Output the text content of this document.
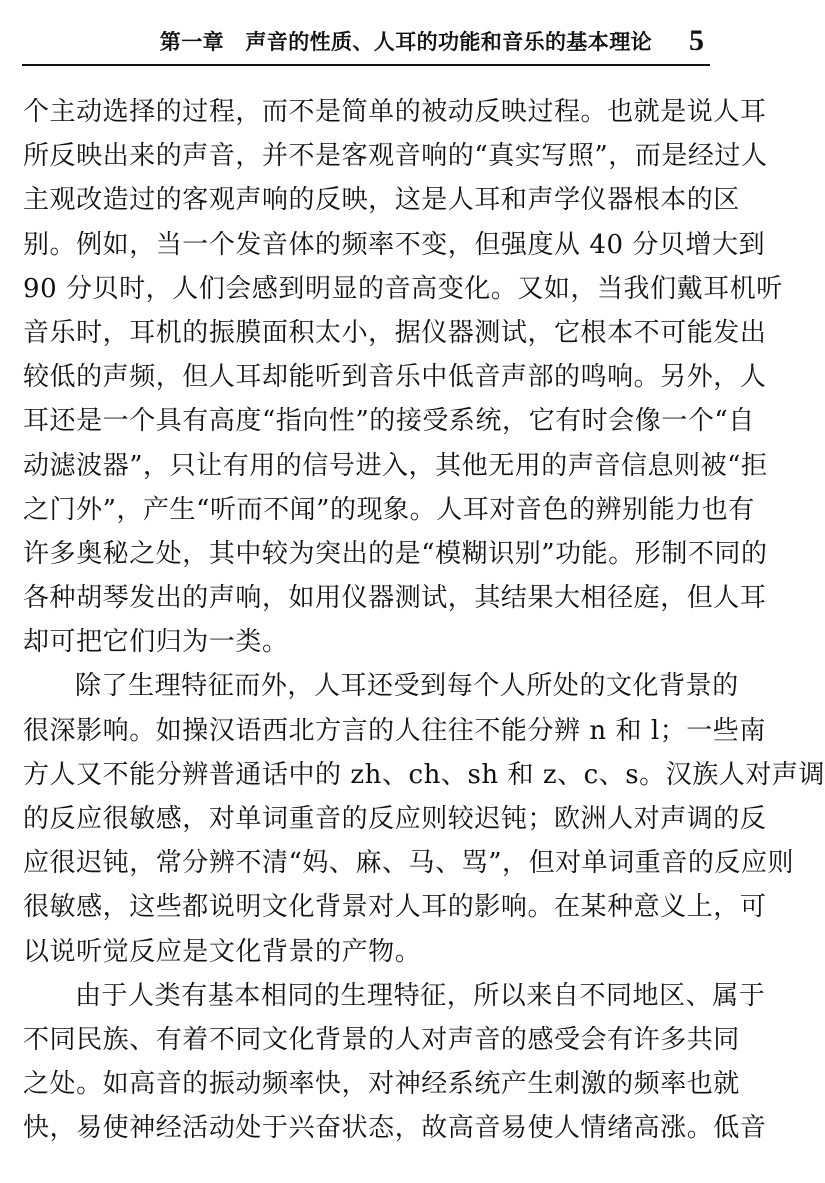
第一章　声音的性质、人耳的功能和音乐的基本理论 5
个主动选择的过程，而不是简单的被动反映过程。也就是说人耳
所反映出来的声音，并不是客观音响的“真实写照”，而是经过人
主观改造过的客观声响的反映，这是人耳和声学仪器根本的区
别。例如，当一个发音体的频率不变，但强度从 40 分贝增大到
90 分贝时，人们会感到明显的音高变化。又如，当我们戴耳机听
音乐时，耳机的振膜面积太小，据仪器测试，它根本不可能发出
较低的声频，但人耳却能听到音乐中低音声部的鸣响。另外，人
耳还是一个具有高度“指向性”的接受系统，它有时会像一个“自
动滤波器”，只让有用的信号进入，其他无用的声音信息则被“拒
之门外”，产生“听而不闻”的现象。人耳对音色的辨别能力也有
许多奥秘之处，其中较为突出的是“模糊识别”功能。形制不同的
各种胡琴发出的声响，如用仪器测试，其结果大相径庭，但人耳
却可把它们归为一类。
除了生理特征而外，人耳还受到每个人所处的文化背景的
很深影响。如操汉语西北方言的人往往不能分辨 n 和 l；一些南
方人又不能分辨普通话中的 zh、ch、sh 和 z、c、s。汉族人对声调
的反应很敏感，对单词重音的反应则较迟钝；欧洲人对声调的反
应很迟钝，常分辨不清“妈、麻、马、骂”，但对单词重音的反应则
很敏感，这些都说明文化背景对人耳的影响。在某种意义上，可
以说听觉反应是文化背景的产物。
由于人类有基本相同的生理特征，所以来自不同地区、属于
不同民族、有着不同文化背景的人对声音的感受会有许多共同
之处。如高音的振动频率快，对神经系统产生刺激的频率也就
快，易使神经活动处于兴奋状态，故高音易使人情绪高涨。低音
